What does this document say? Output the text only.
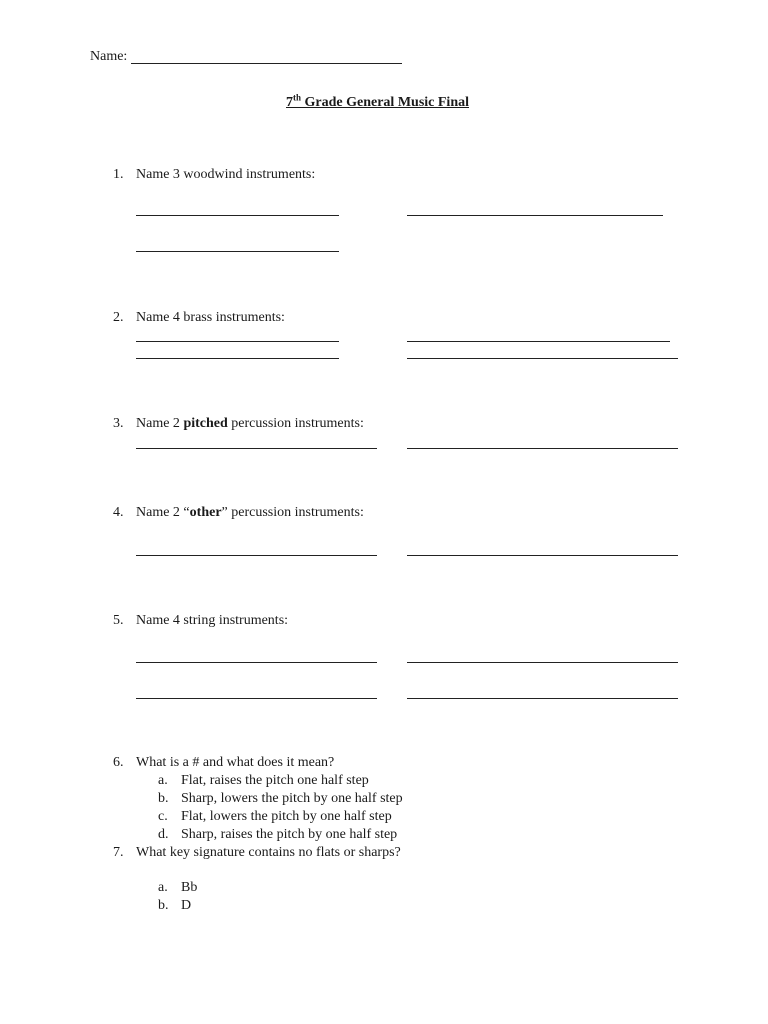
Name:
7th Grade General Music Final
1. Name 3 woodwind instruments:
2. Name 4 brass instruments:
3. Name 2 pitched percussion instruments:
4. Name 2 “other” percussion instruments:
5. Name 4 string instruments:
6. What is a # and what does it mean?
a. Flat, raises the pitch one half step
b. Sharp, lowers the pitch by one half step
c. Flat, lowers the pitch by one half step
d. Sharp, raises the pitch by one half step
7. What key signature contains no flats or sharps?
a. Bb
b. D
